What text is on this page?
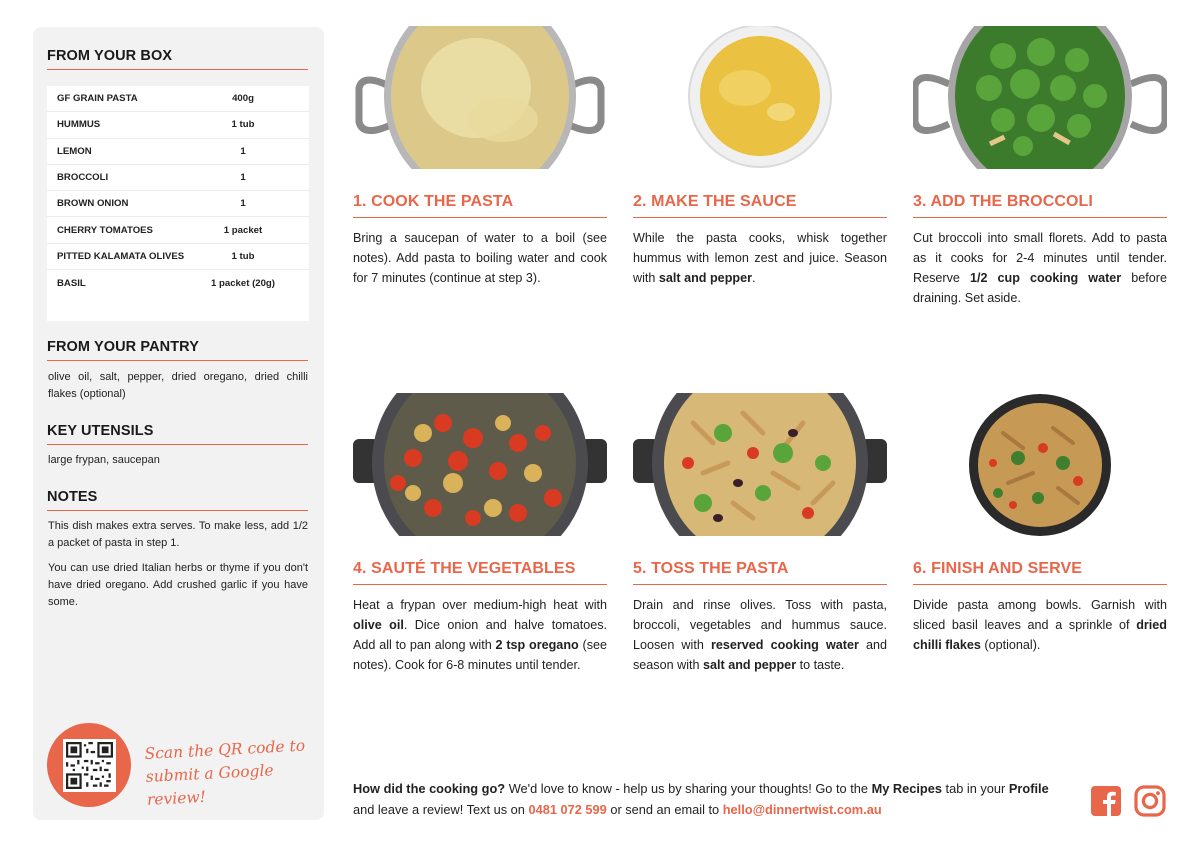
FROM YOUR BOX
GF GRAIN PASTA	400g
HUMMUS	1 tub
LEMON	1
BROCCOLI	1
BROWN ONION	1
CHERRY TOMATOES	1 packet
PITTED KALAMATA OLIVES	1 tub
BASIL	1 packet (20g)
FROM YOUR PANTRY
olive oil, salt, pepper, dried oregano, dried chilli flakes (optional)
KEY UTENSILS
large frypan, saucepan
NOTES
This dish makes extra serves. To make less, add 1/2 a packet of pasta in step 1.
You can use dried Italian herbs or thyme if you don't have dried oregano. Add crushed garlic if you have some.
Scan the QR code to submit a Google review!
1. COOK THE PASTA
Bring a saucepan of water to a boil (see notes). Add pasta to boiling water and cook for 7 minutes (continue at step 3).
2. MAKE THE SAUCE
While the pasta cooks, whisk together hummus with lemon zest and juice. Season with salt and pepper.
3. ADD THE BROCCOLI
Cut broccoli into small florets. Add to pasta as it cooks for 2-4 minutes until tender. Reserve 1/2 cup cooking water before draining. Set aside.
4. SAUTÉ THE VEGETABLES
Heat a frypan over medium-high heat with olive oil. Dice onion and halve tomatoes. Add all to pan along with 2 tsp oregano (see notes). Cook for 6-8 minutes until tender.
5. TOSS THE PASTA
Drain and rinse olives. Toss with pasta, broccoli, vegetables and hummus sauce. Loosen with reserved cooking water and season with salt and pepper to taste.
6. FINISH AND SERVE
Divide pasta among bowls. Garnish with sliced basil leaves and a sprinkle of dried chilli flakes (optional).
How did the cooking go? We'd love to know - help us by sharing your thoughts! Go to the My Recipes tab in your Profile and leave a review! Text us on 0481 072 599 or send an email to hello@dinnertwist.com.au
